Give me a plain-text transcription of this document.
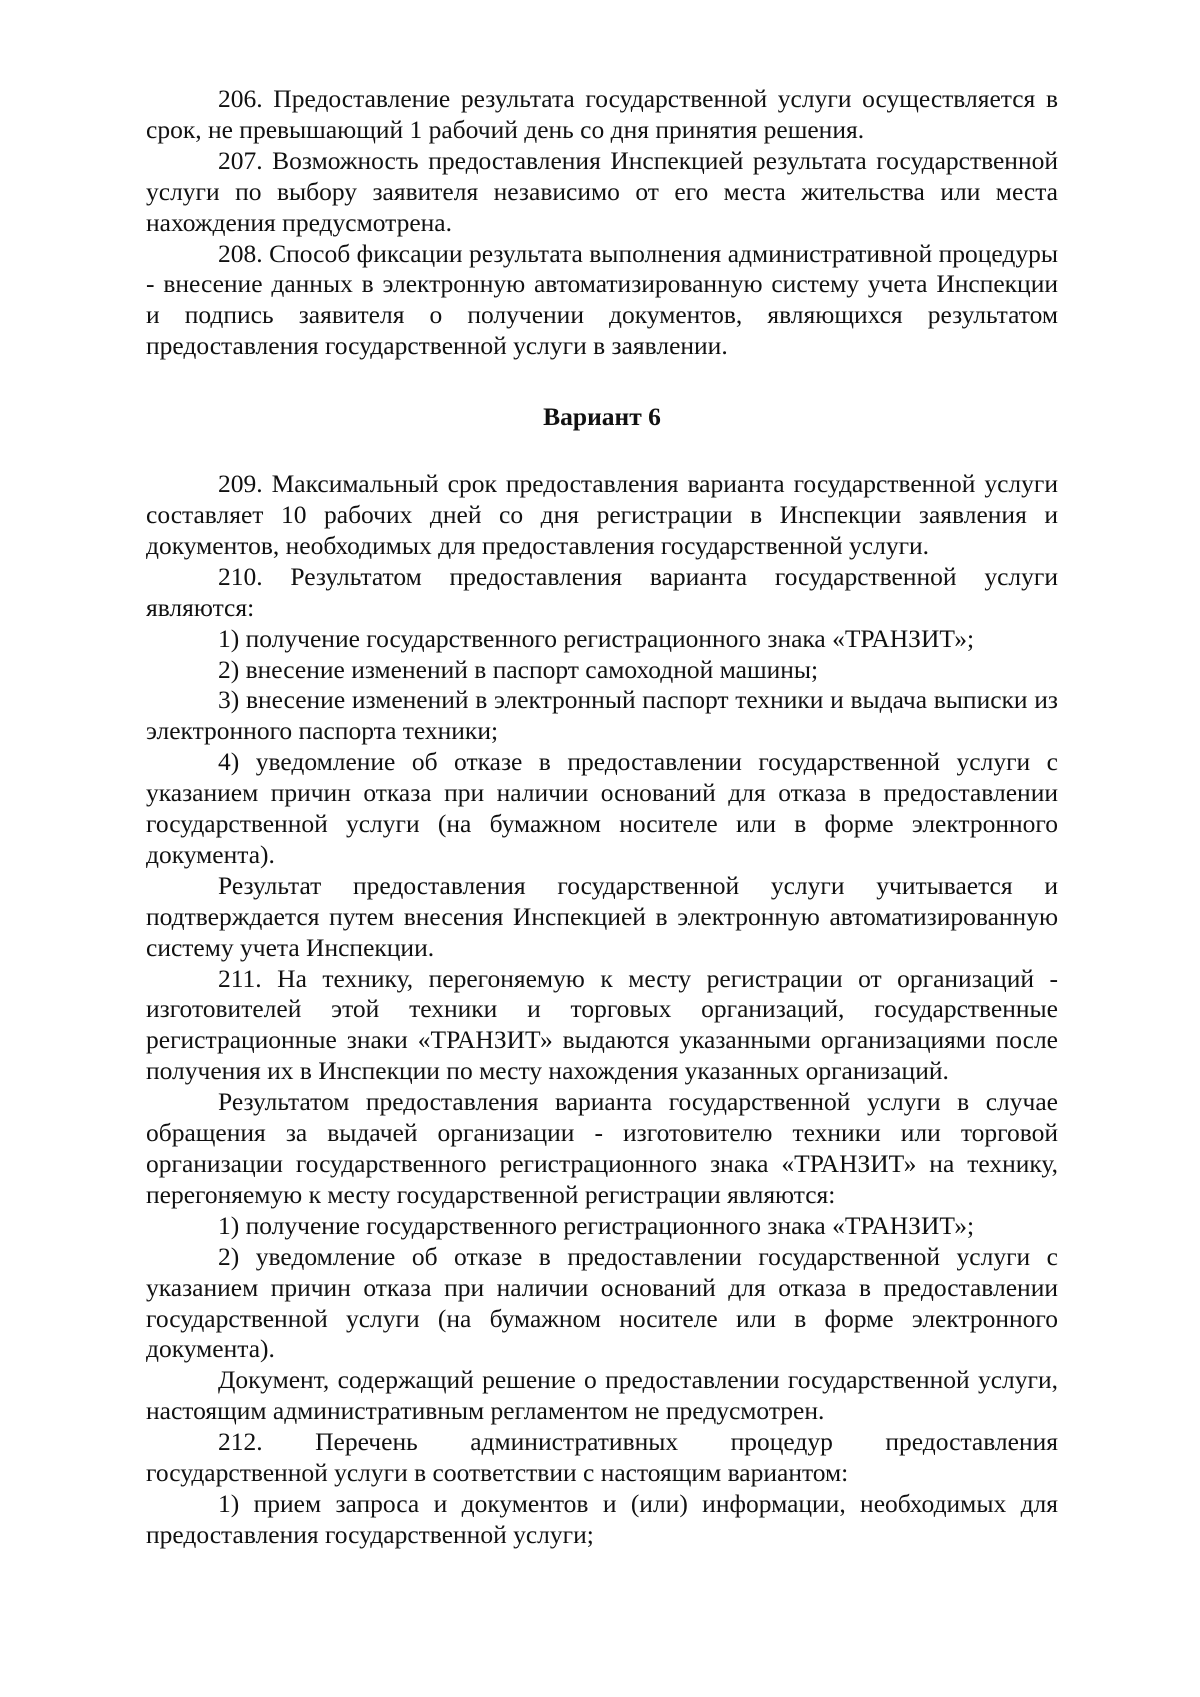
206. Предоставление результата государственной услуги осуществляется в срок, не превышающий 1 рабочий день со дня принятия решения.

207. Возможность предоставления Инспекцией результата государственной услуги по выбору заявителя независимо от его места жительства или места нахождения предусмотрена.

208. Способ фиксации результата выполнения административной процедуры - внесение данных в электронную автоматизированную систему учета Инспекции и подпись заявителя о получении документов, являющихся результатом предоставления государственной услуги в заявлении.

Вариант 6

209. Максимальный срок предоставления варианта государственной услуги составляет 10 рабочих дней со дня регистрации в Инспекции заявления и документов, необходимых для предоставления государственной услуги.

210. Результатом предоставления варианта государственной услуги являются:

1) получение государственного регистрационного знака «ТРАНЗИТ»;

2) внесение изменений в паспорт самоходной машины;

3) внесение изменений в электронный паспорт техники и выдача выписки из электронного паспорта техники;

4) уведомление об отказе в предоставлении государственной услуги с указанием причин отказа при наличии оснований для отказа в предоставлении государственной услуги (на бумажном носителе или в форме электронного документа).

Результат предоставления государственной услуги учитывается и подтверждается путем внесения Инспекцией в электронную автоматизированную систему учета Инспекции.

211. На технику, перегоняемую к месту регистрации от организаций - изготовителей этой техники и торговых организаций, государственные регистрационные знаки «ТРАНЗИТ» выдаются указанными организациями после получения их в Инспекции по месту нахождения указанных организаций.

Результатом предоставления варианта государственной услуги в случае обращения за выдачей организации - изготовителю техники или торговой организации государственного регистрационного знака «ТРАНЗИТ» на технику, перегоняемую к месту государственной регистрации являются:

1) получение государственного регистрационного знака «ТРАНЗИТ»;

2) уведомление об отказе в предоставлении государственной услуги с указанием причин отказа при наличии оснований для отказа в предоставлении государственной услуги (на бумажном носителе или в форме электронного документа).

Документ, содержащий решение о предоставлении государственной услуги, настоящим административным регламентом не предусмотрен.

212. Перечень административных процедур предоставления государственной услуги в соответствии с настоящим вариантом:

1) прием запроса и документов и (или) информации, необходимых для предоставления государственной услуги;
